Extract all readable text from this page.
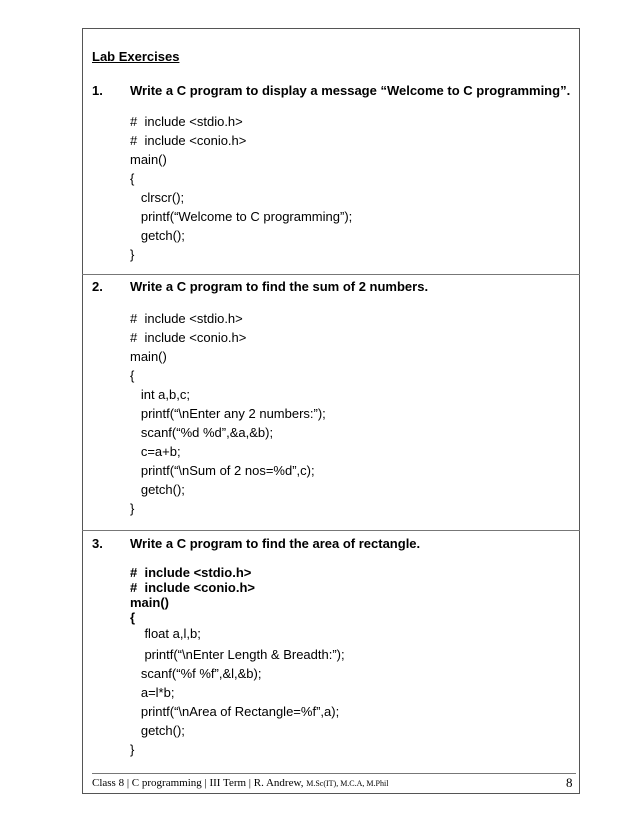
Lab Exercises
1. Write a C program to display a message “Welcome to C programming”.
#  include <stdio.h>
#  include <conio.h>
main()
{
clrscr();
printf(“Welcome to C programming”);
getch();
}
2. Write a C program to find the sum of 2 numbers.
#  include <stdio.h>
#  include <conio.h>
main()
{
int a,b,c;
printf(“\nEnter any 2 numbers:”);
scanf(“%d %d”,&a,&b);
c=a+b;
printf(“\nSum of 2 nos=%d”,c);
getch();
}
3. Write a C program to find the area of rectangle.
#  include <stdio.h>
#  include <conio.h>
main()
{
float a,l,b;
printf(“\nEnter Length & Breadth:”);
scanf(“%f %f”,&l,&b);
a=l*b;
printf(“\nArea of Rectangle=%f”,a);
getch();
}
Class 8 | C programming | III Term | R. Andrew, M.Sc(IT), M.C.A, M.Phil	8
